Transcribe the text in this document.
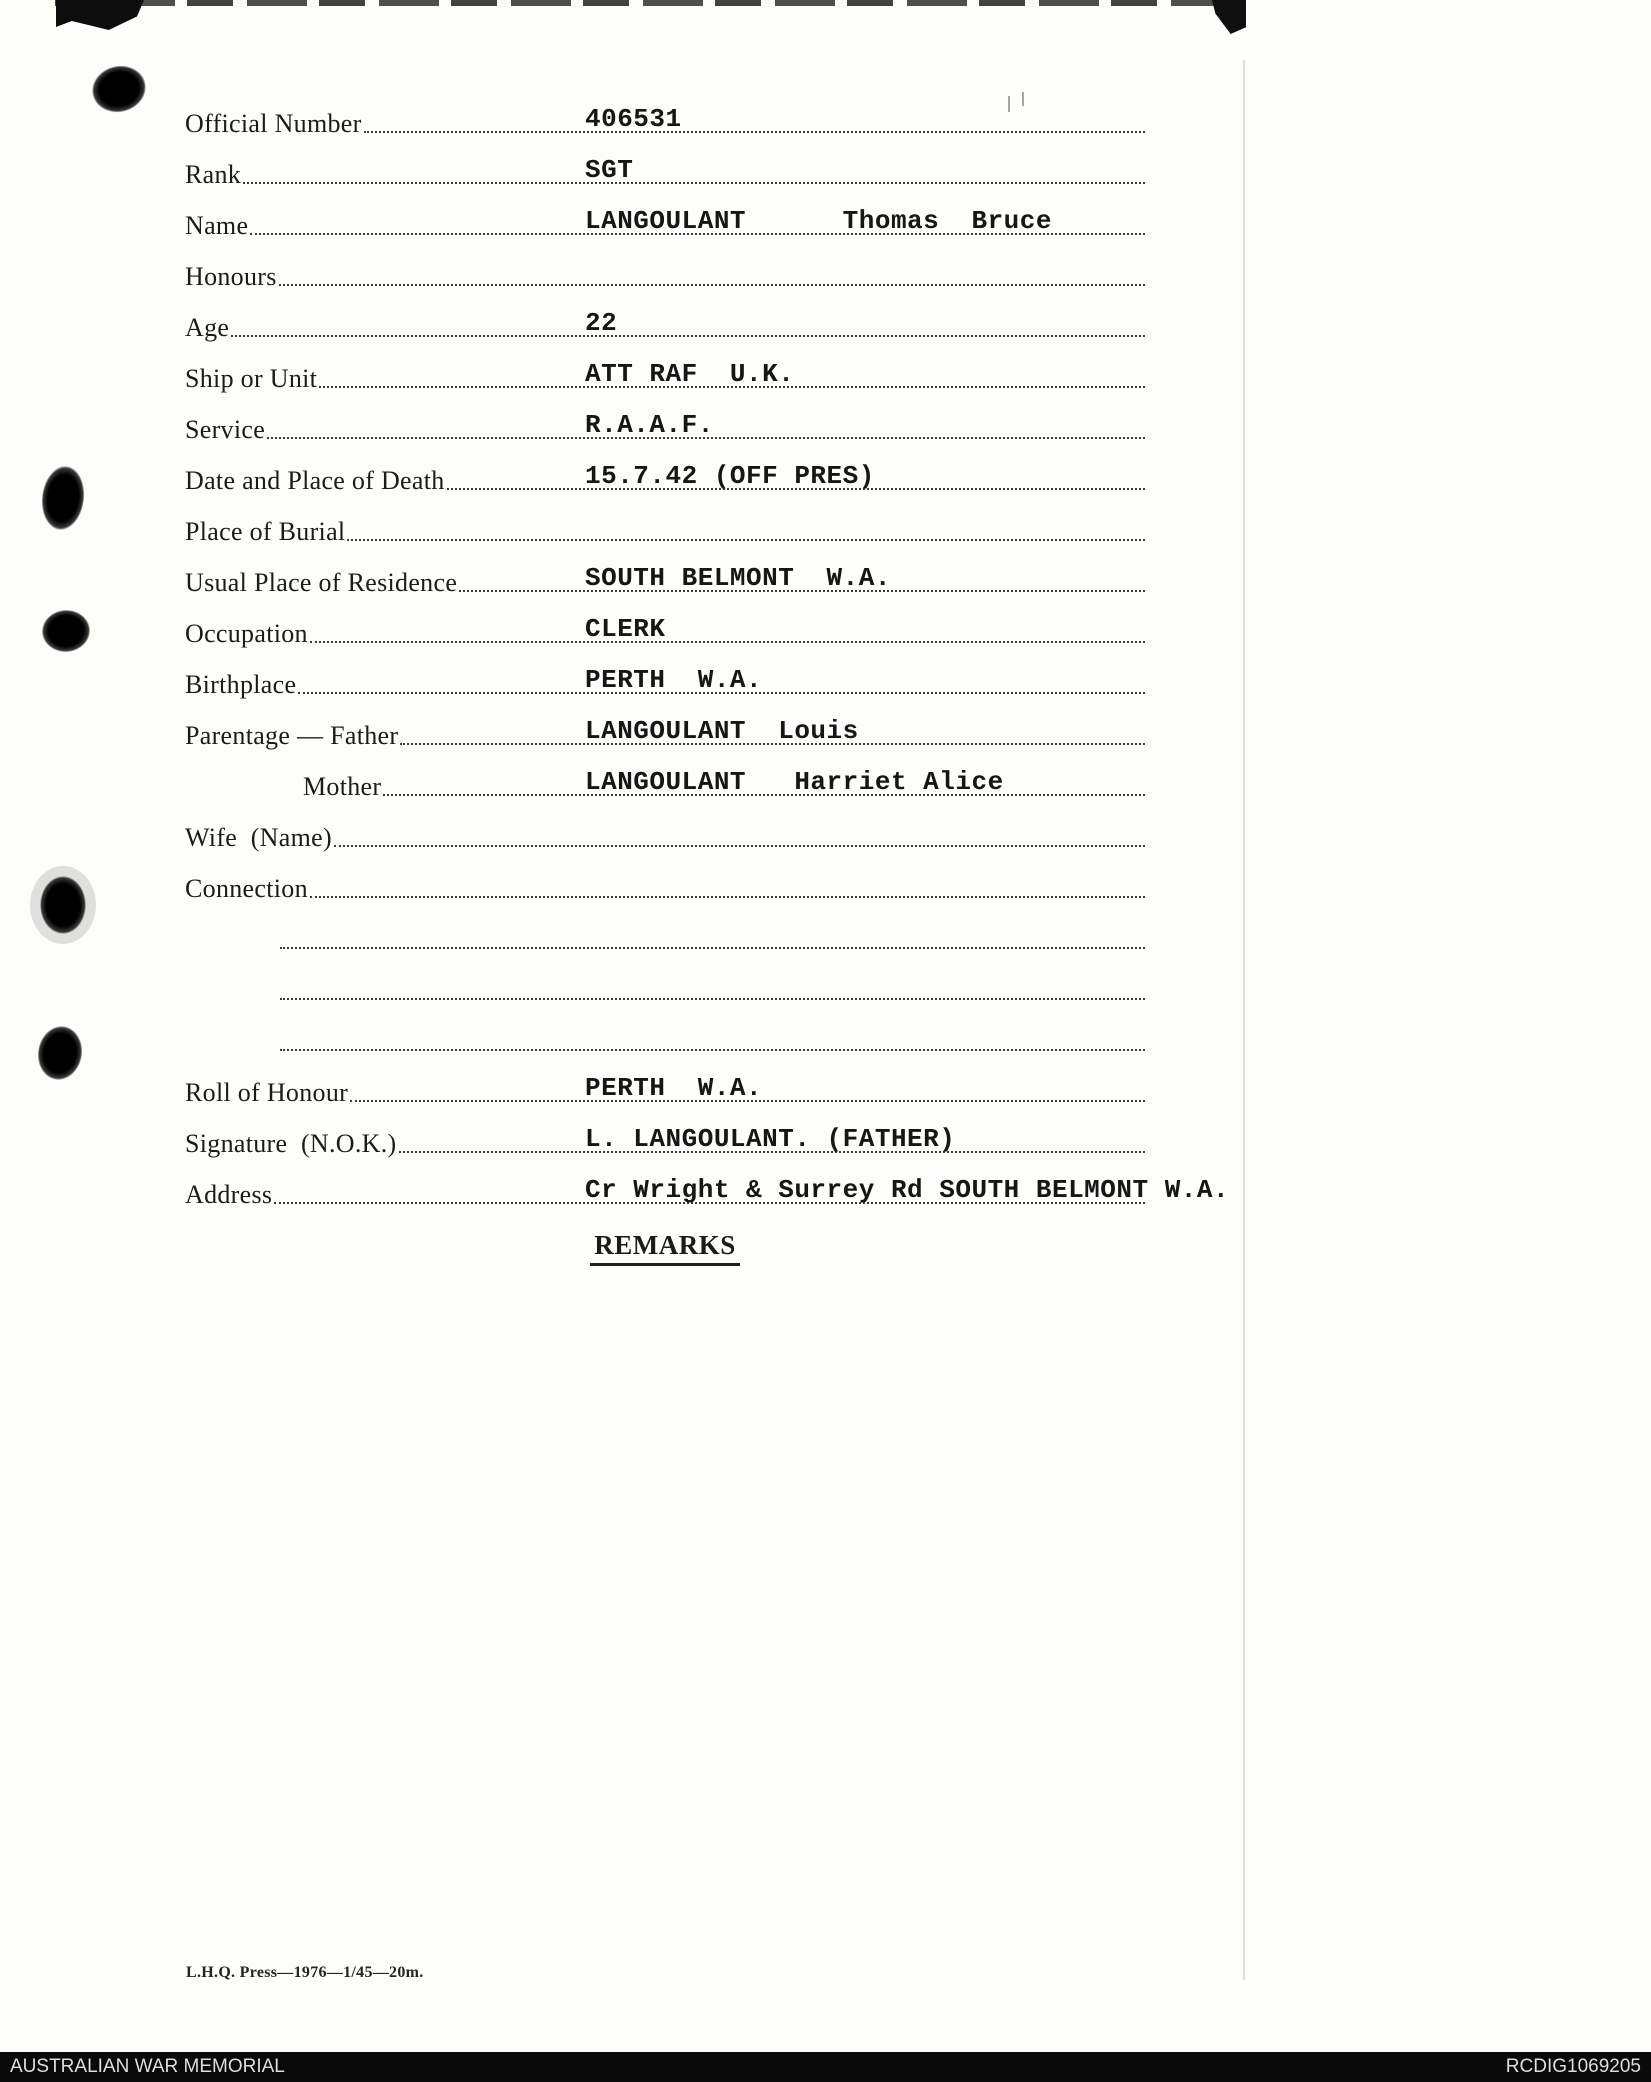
Official Number	406531
Rank	SGT
Name	LANGOULANT      Thomas  Bruce
Honours
Age	22
Ship or Unit	ATT RAF  U.K.
Service	R.A.A.F.
Date and Place of Death	15.7.42 (OFF PRES)
Place of Burial
Usual Place of Residence	SOUTH BELMONT  W.A.
Occupation	CLERK
Birthplace	PERTH  W.A.
Parentage — Father	LANGOULANT  Louis
Mother	LANGOULANT   Harriet Alice
Wife  (Name)
Connection
Roll of Honour	PERTH  W.A.
Signature  (N.O.K.)	L. LANGOULANT. (FATHER)
Address	Cr Wright & Surrey Rd SOUTH BELMONT W.A.
REMARKS
L.H.Q. Press—1976—1/45—20m.
AUSTRALIAN WAR MEMORIAL	RCDIG1069205
